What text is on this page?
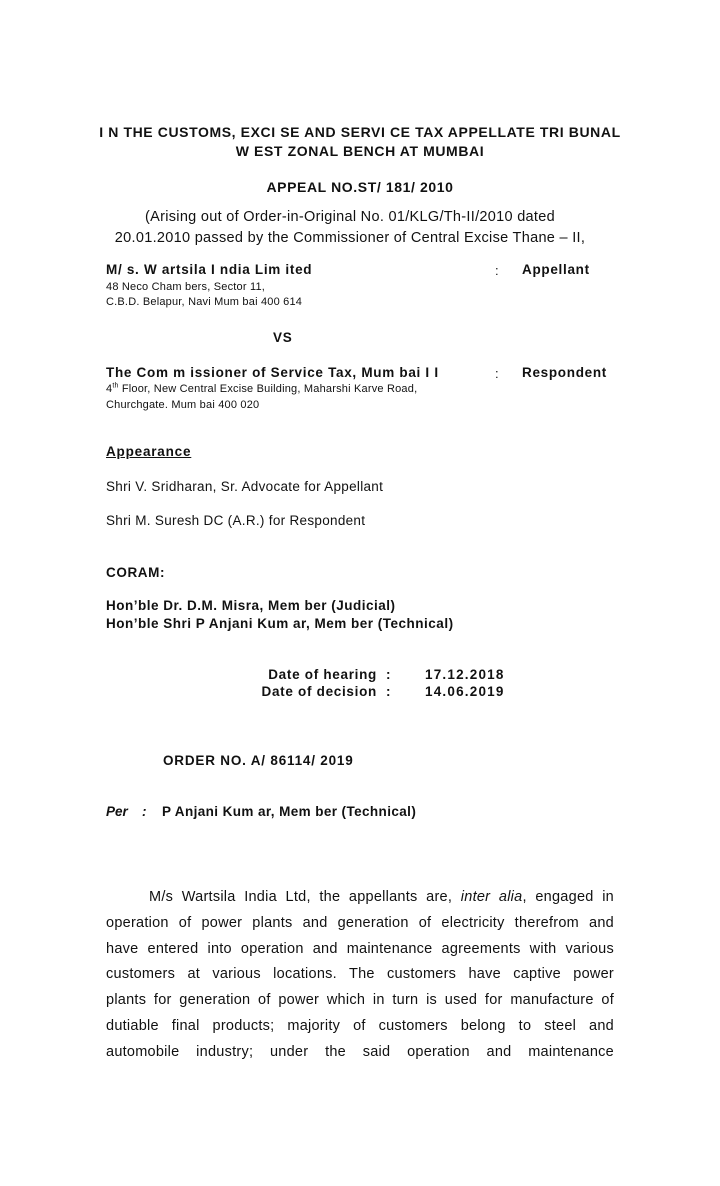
I N THE CUSTOMS, EXCI SE AND SERVI CE TAX APPELLATE TRI BUNAL
W EST ZONAL BENCH AT MUMBAI
APPEAL NO.ST/ 181/ 2010
(Arising out of Order-in-Original No. 01/KLG/Th-II/2010 dated
20.01.2010 passed by the Commissioner of Central Excise Thane – II,
M/ s. W artsila I ndia Lim ited	: Appellant
48 Neco Cham bers, Sector 11,
C.B.D. Belapur, Navi Mum bai 400 614
VS
The Com m issioner of Service Tax, Mum bai I I	: Respondent
4th Floor, New Central Excise Building, Maharshi Karve Road,
Churchgate. Mum bai 400 020
Appearance
Shri V. Sridharan, Sr. Advocate for Appellant
Shri M. Suresh DC (A.R.) for Respondent
CORAM:
Hon’ble Dr. D.M. Misra, Mem ber (Judicial)
Hon’ble Shri P Anjani Kum ar, Mem ber (Technical)
Date of hearing :	17.12.2018
Date of decision :	14.06.2019
ORDER NO. A/ 86114/ 2019
Per : P Anjani Kum ar, Mem ber (Technical)
M/s Wartsila India Ltd, the appellants are, inter alia, engaged in
operation of power plants and generation of electricity therefrom and
have entered into operation and maintenance agreements with various
customers at various locations. The customers have captive power
plants for generation of power which in turn is used for manufacture of
dutiable final products; majority of customers belong to steel and
automobile industry; under the said operation and maintenance
